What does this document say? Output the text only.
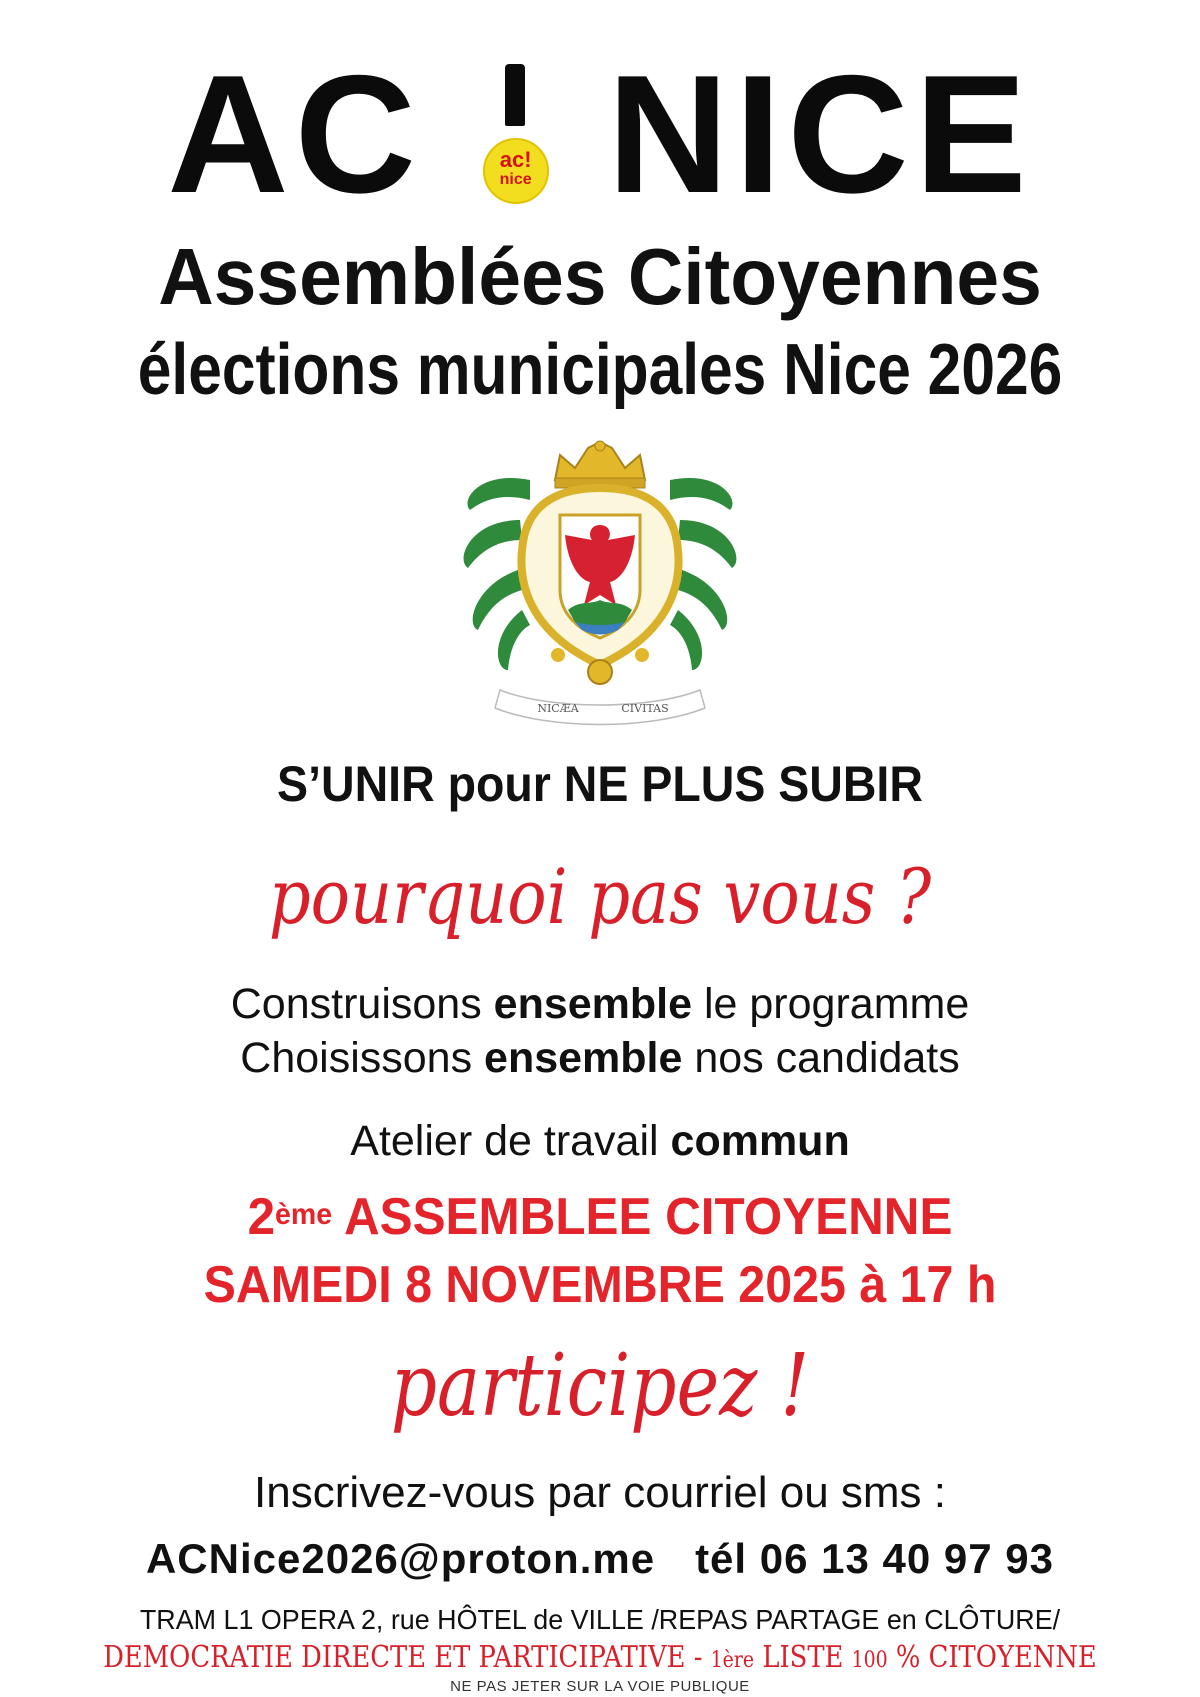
AC	ac!
nice NICE
Assemblées Citoyennes
élections municipales Nice 2026
NICÆA	CIVITAS
S’UNIR pour NE PLUS SUBIR
pourquoi pas vous ?
Construisons ensemble le programme
Choisissons ensemble nos candidats
Atelier de travail commun
2ème ASSEMBLEE CITOYENNE
SAMEDI 8 NOVEMBRE 2025 à 17 h
participez !
Inscrivez-vous par courriel ou sms :
ACNice2026@proton.me tél 06 13 40 97 93
TRAM L1 OPERA 2, rue HÔTEL de VILLE /REPAS PARTAGE en CLÔTURE/
DEMOCRATIE DIRECTE ET PARTICIPATIVE - 1ère LISTE 100 % CITOYENNE
NE PAS JETER SUR LA VOIE PUBLIQUE
